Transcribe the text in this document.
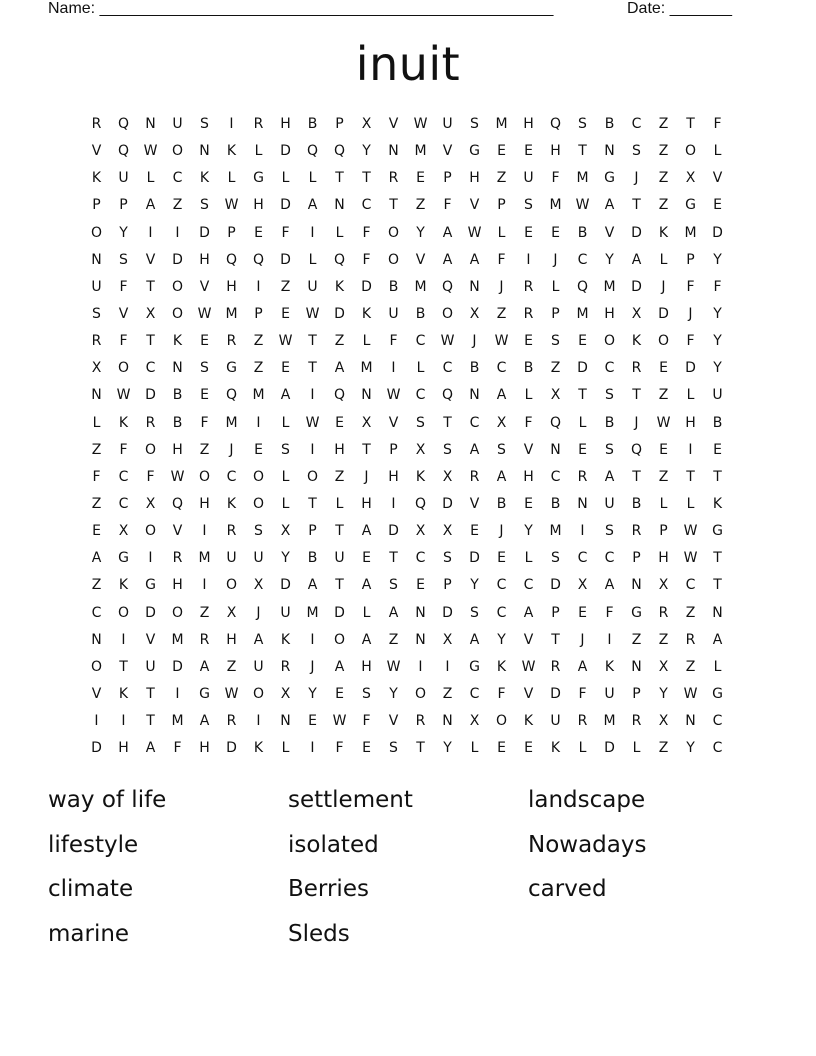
Name: ___________________________________________________	Date: _______
inuit
R	Q	N	U	S	I	R	H	B	P	X	V	W	U	S	M	H	Q	S	B	C	Z	T	F
V	Q	W	O	N	K	L	D	Q	Q	Y	N	M	V	G	E	E	H	T	N	S	Z	O	L
K	U	L	C	K	L	G	L	L	T	T	R	E	P	H	Z	U	F	M	G	J	Z	X	V
P	P	A	Z	S	W	H	D	A	N	C	T	Z	F	V	P	S	M	W	A	T	Z	G	E
O	Y	I	I	D	P	E	F	I	L	F	O	Y	A	W	L	E	E	B	V	D	K	M	D
N	S	V	D	H	Q	Q	D	L	Q	F	O	V	A	A	F	I	J	C	Y	A	L	P	Y
U	F	T	O	V	H	I	Z	U	K	D	B	M	Q	N	J	R	L	Q	M	D	J	F	F
S	V	X	O	W	M	P	E	W	D	K	U	B	O	X	Z	R	P	M	H	X	D	J	Y
R	F	T	K	E	R	Z	W	T	Z	L	F	C	W	J	W	E	S	E	O	K	O	F	Y
X	O	C	N	S	G	Z	E	T	A	M	I	L	C	B	C	B	Z	D	C	R	E	D	Y
N	W	D	B	E	Q	M	A	I	Q	N	W	C	Q	N	A	L	X	T	S	T	Z	L	U
L	K	R	B	F	M	I	L	W	E	X	V	S	T	C	X	F	Q	L	B	J	W	H	B
Z	F	O	H	Z	J	E	S	I	H	T	P	X	S	A	S	V	N	E	S	Q	E	I	E
F	C	F	W	O	C	O	L	O	Z	J	H	K	X	R	A	H	C	R	A	T	Z	T	T
Z	C	X	Q	H	K	O	L	T	L	H	I	Q	D	V	B	E	B	N	U	B	L	L	K
E	X	O	V	I	R	S	X	P	T	A	D	X	X	E	J	Y	M	I	S	R	P	W	G
A	G	I	R	M	U	U	Y	B	U	E	T	C	S	D	E	L	S	C	C	P	H	W	T
Z	K	G	H	I	O	X	D	A	T	A	S	E	P	Y	C	C	D	X	A	N	X	C	T
C	O	D	O	Z	X	J	U	M	D	L	A	N	D	S	C	A	P	E	F	G	R	Z	N
N	I	V	M	R	H	A	K	I	O	A	Z	N	X	A	Y	V	T	J	I	Z	Z	R	A
O	T	U	D	A	Z	U	R	J	A	H	W	I	I	G	K	W	R	A	K	N	X	Z	L
V	K	T	I	G	W	O	X	Y	E	S	Y	O	Z	C	F	V	D	F	U	P	Y	W	G
I	I	T	M	A	R	I	N	E	W	F	V	R	N	X	O	K	U	R	M	R	X	N	C
D	H	A	F	H	D	K	L	I	F	E	S	T	Y	L	E	E	K	L	D	L	Z	Y	C
way of life	settlement	landscape
lifestyle	isolated	Nowadays
climate	Berries	carved
marine	Sleds
